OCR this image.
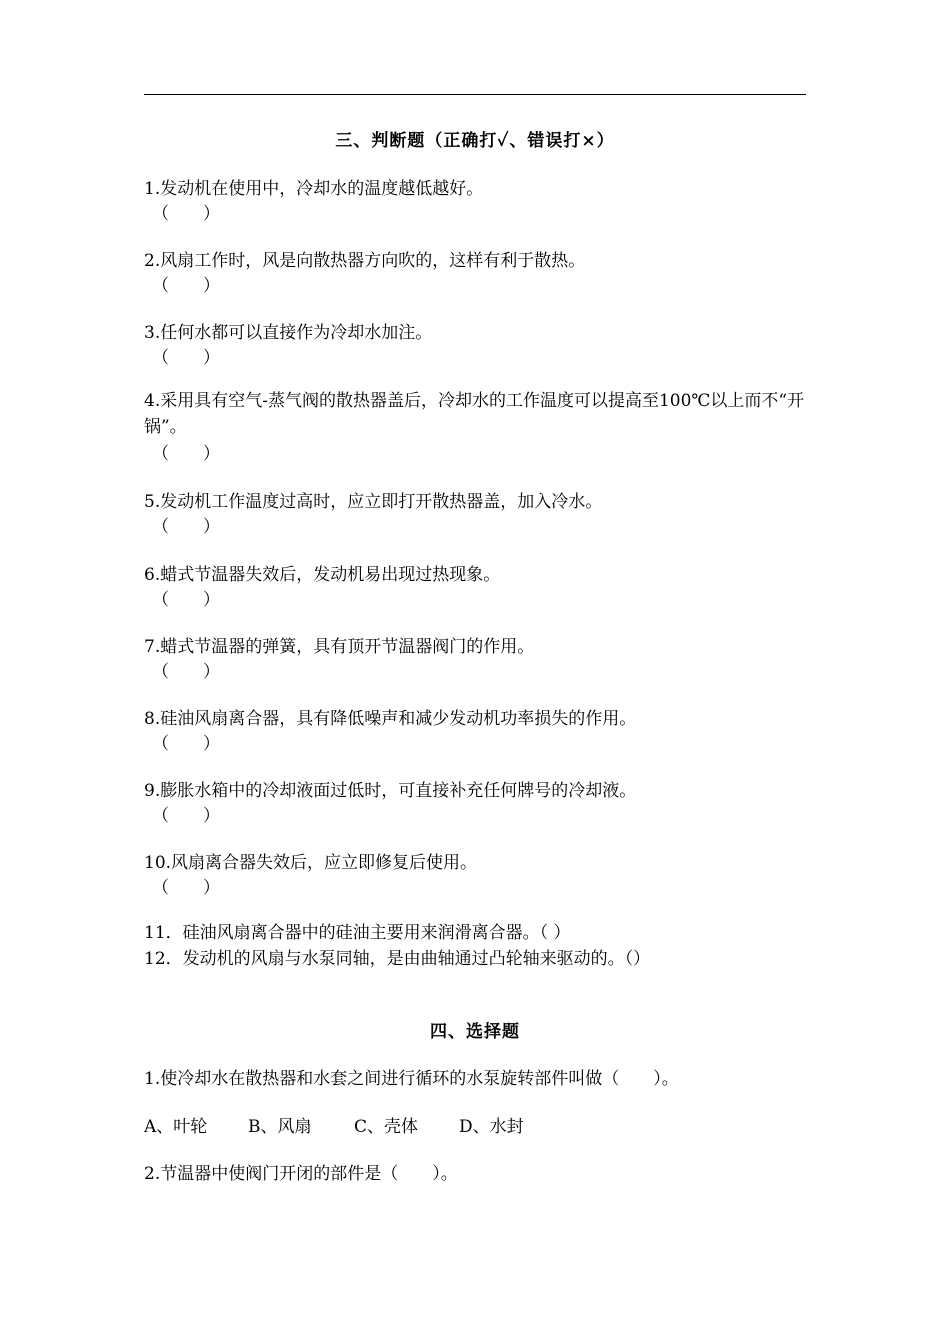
三、判断题（正确打✓、错误打×）
1.发动机在使用中，冷却水的温度越低越好。
（　　）
2.风扇工作时，风是向散热器方向吹的，这样有利于散热。
（　　）
3.任何水都可以直接作为冷却水加注。
（　　）
4.采用具有空气-蒸气阀的散热器盖后，冷却水的工作温度可以提高至100℃以上而不“开锅”。
（　　）
5.发动机工作温度过高时，应立即打开散热器盖，加入冷水。
（　　）
6.蜡式节温器失效后，发动机易出现过热现象。
（　　）
7.蜡式节温器的弹簧，具有顶开节温器阀门的作用。
（　　）
8.硅油风扇离合器，具有降低噪声和减少发动机功率损失的作用。
（　　）
9.膨胀水箱中的冷却液面过低时，可直接补充任何牌号的冷却液。
（　　）
10.风扇离合器失效后，应立即修复后使用。
（　　）
11．硅油风扇离合器中的硅油主要用来润滑离合器。（ ）
12．发动机的风扇与水泵同轴，是由曲轴通过凸轮轴来驱动的。（）
四、选择题
1.使冷却水在散热器和水套之间进行循环的水泵旋转部件叫做（　　）。
A、叶轮 B、风扇	C、壳体 D、水封
2.节温器中使阀门开闭的部件是（　　）。
